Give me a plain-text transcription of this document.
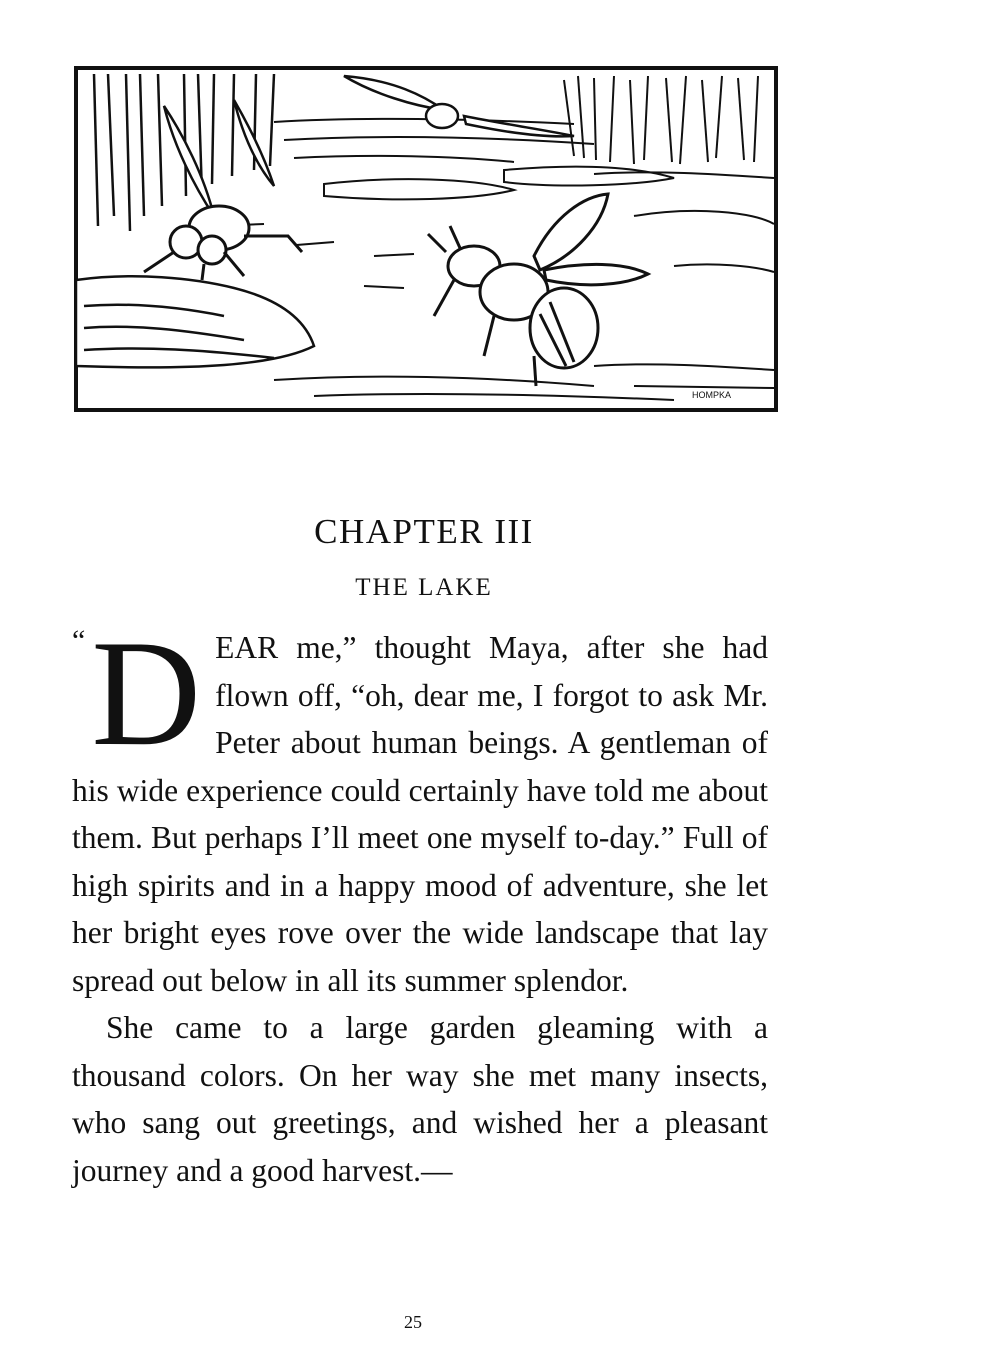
HOMPKA
CHAPTER III
THE LAKE

“ D EAR me,” thought Maya, after she had flown off, “oh, dear me, I forgot to ask Mr. Peter about human beings. A gentleman of his wide experience could certainly have told me about them. But perhaps I’ll meet one myself to-day.” Full of high spirits and in a happy mood of adventure, she let her bright eyes rove over the wide landscape that lay spread out below in all its summer splendor.

She came to a large garden gleaming with a thousand colors. On her way she met many insects, who sang out greetings, and wished her a pleasant journey and a good harvest.—

25
